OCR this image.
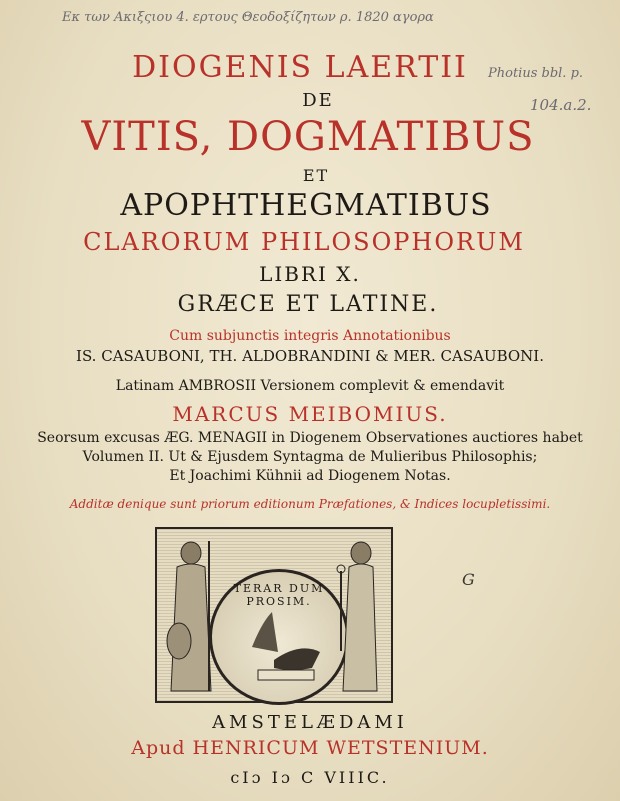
Εκ των Ακιξςιου 4. ερτους Θεοδοξίζητων ρ. 1820 αγορα
Photius bbl. p.
104.a.2.
DIOGENIS LAERTII
DE
VITIS, DOGMATIBUS
ET
APOPHTHEGMATIBUS
CLARORUM PHILOSOPHORUM
LIBRI X.
GRÆCE ET LATINE.
Cum subjunctis integris Annotationibus
IS. CASAUBONI, TH. ALDOBRANDINI & MER. CASAUBONI.
Latinam AMBROSII Versionem complevit & emendavit
MARCUS MEIBOMIUS.
Seorsum excusas ÆG. MENAGII in Diogenem Observationes auctiores habet
Volumen II. Ut & Ejusdem Syntagma de Mulieribus Philosophis;
Et Joachimi Kühnii ad Diogenem Notas.
Additæ denique sunt priorum editionum Præfationes, & Indices locupletissimi.
TERAR DUM PROSIM.
G
AMSTELÆDAMI
Apud HENRICUM WETSTENIUM.
cIɔ Iɔ C VIIIC.
